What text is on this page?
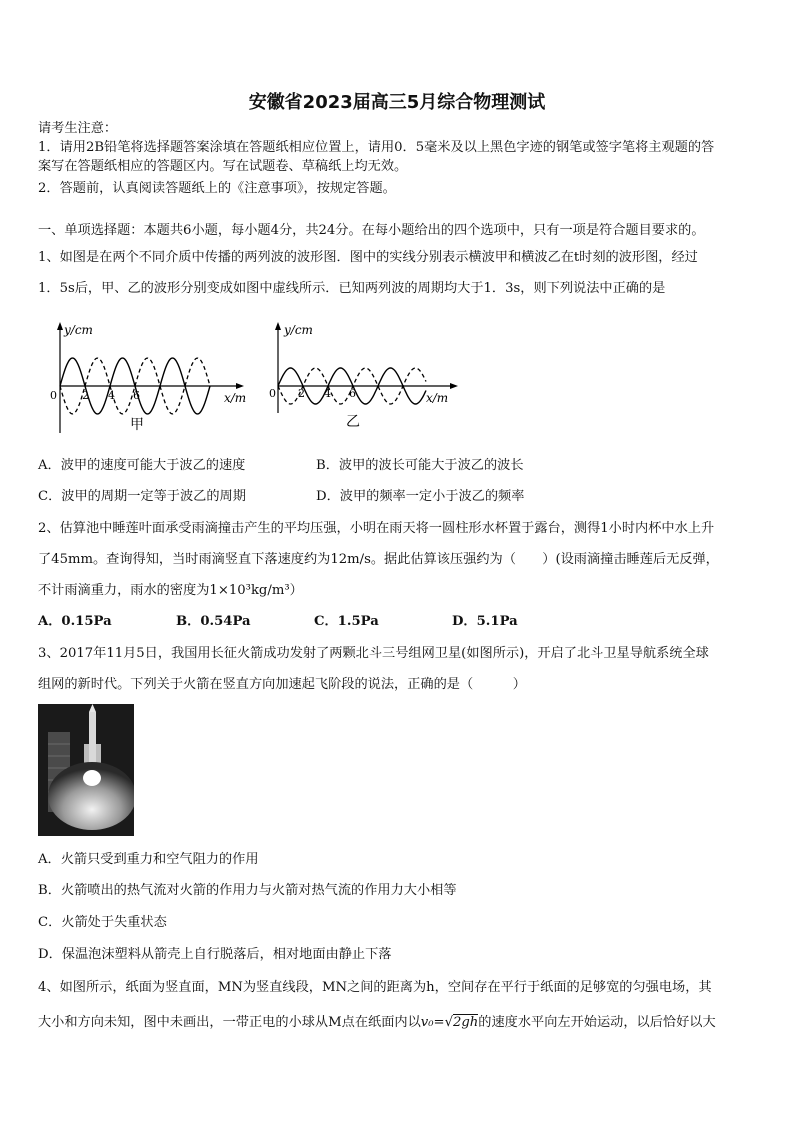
安徽省2023届高三5月综合物理测试
请考生注意：
1．请用2B铅笔将选择题答案涂填在答题纸相应位置上，请用0．5毫米及以上黑色字迹的钢笔或签字笔将主观题的答
案写在答题纸相应的答题区内。写在试题卷、草稿纸上均无效。
2．答题前，认真阅读答题纸上的《注意事项》，按规定答题。
一、单项选择题：本题共6小题，每小题4分，共24分。在每小题给出的四个选项中，只有一项是符合题目要求的。
1、如图是在两个不同介质中传播的两列波的波形图．图中的实线分别表示横波甲和横波乙在t时刻的波形图，经过
1．5s后，甲、乙的波形分别变成如图中虚线所示．已知两列波的周期均大于1．3s，则下列说法中正确的是
y/cm
x/m
0 2 4 6
甲
y/cm
x/m
0 2 4 6
乙
A．波甲的速度可能大于波乙的速度	B．波甲的波长可能大于波乙的波长
C．波甲的周期一定等于波乙的周期	D．波甲的频率一定小于波乙的频率
2、估算池中睡莲叶面承受雨滴撞击产生的平均压强，小明在雨天将一圆柱形水杯置于露台，测得1小时内杯中水上升
了45mm。查询得知，当时雨滴竖直下落速度约为12m/s。据此估算该压强约为（　　）(设雨滴撞击睡莲后无反弹，
不计雨滴重力，雨水的密度为1×10³kg/m³）
A．0.15Pa	B．0.54Pa	C．1.5Pa	D．5.1Pa
3、2017年11月5日，我国用长征火箭成功发射了两颗北斗三号组网卫星(如图所示)，开启了北斗卫星导航系统全球
组网的新时代。下列关于火箭在竖直方向加速起飞阶段的说法，正确的是（　　　）
A．火箭只受到重力和空气阻力的作用
B．火箭喷出的热气流对火箭的作用力与火箭对热气流的作用力大小相等
C．火箭处于失重状态
D．保温泡沫塑料从箭壳上自行脱落后，相对地面由静止下落
4、如图所示，纸面为竖直面，MN为竖直线段，MN之间的距离为h，空间存在平行于纸面的足够宽的匀强电场，其
大小和方向未知，图中未画出，一带正电的小球从M点在纸面内以v₀=√2gh的速度水平向左开始运动，以后恰好以大
